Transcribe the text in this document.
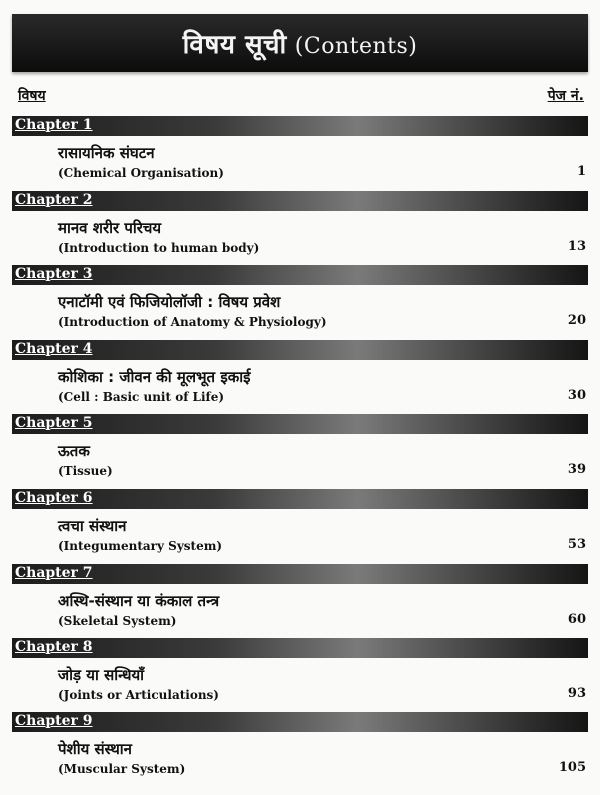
विषय सूची (Contents)
विषय	पेज नं.
Chapter 1
रासायनिक संघटन
(Chemical Organisation)	1
Chapter 2
मानव शरीर परिचय
(Introduction to human body)	13
Chapter 3
एनाटॉमी एवं फिजियोलॉजी : विषय प्रवेश
(Introduction of Anatomy & Physiology)	20
Chapter 4
कोशिका : जीवन की मूलभूत इकाई
(Cell : Basic unit of Life)	30
Chapter 5
ऊतक
(Tissue)	39
Chapter 6
त्वचा संस्थान
(Integumentary System)	53
Chapter 7
अस्थि-संस्थान या कंकाल तन्त्र
(Skeletal System)	60
Chapter 8
जोड़ या सन्धियाँ
(Joints or Articulations)	93
Chapter 9
पेशीय संस्थान
(Muscular System)	105
